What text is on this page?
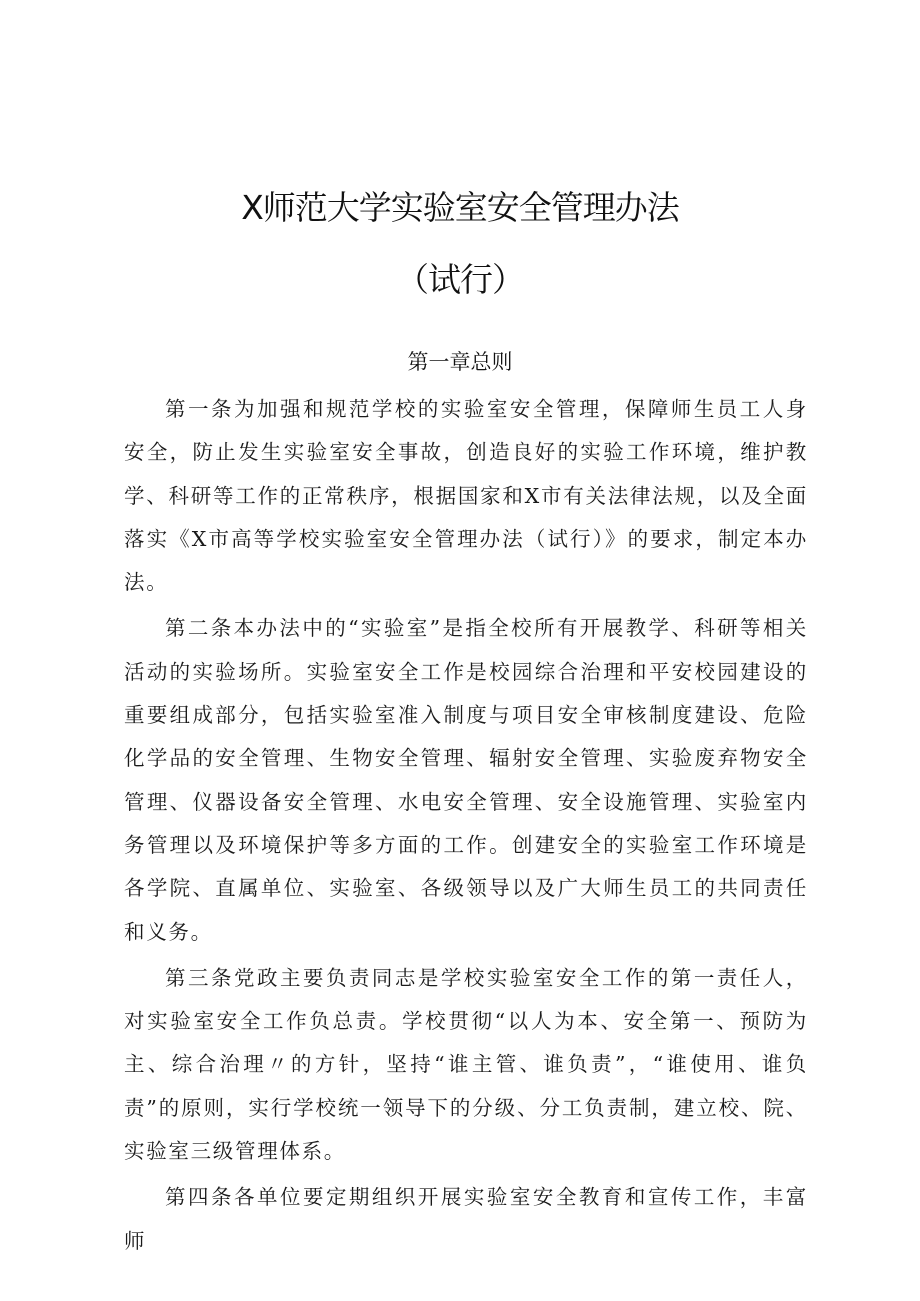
X师范大学实验室安全管理办法
（试行）
第一章总则

第一条为加强和规范学校的实验室安全管理，保障师生员工人身安全，防止发生实验室安全事故，创造良好的实验工作环境，维护教学、科研等工作的正常秩序，根据国家和X市有关法律法规，以及全面落实《X市高等学校实验室安全管理办法（试行）》的要求，制定本办法。

第二条本办法中的“实验室”是指全校所有开展教学、科研等相关活动的实验场所。实验室安全工作是校园综合治理和平安校园建设的重要组成部分，包括实验室准入制度与项目安全审核制度建设、危险化学品的安全管理、生物安全管理、辐射安全管理、实验废弃物安全管理、仪器设备安全管理、水电安全管理、安全设施管理、实验室内务管理以及环境保护等多方面的工作。创建安全的实验室工作环境是各学院、直属单位、实验室、各级领导以及广大师生员工的共同责任和义务。

第三条党政主要负责同志是学校实验室安全工作的第一责任人，对实验室安全工作负总责。学校贯彻“以人为本、安全第一、预防为主、综合治理〃的方针，坚持“谁主管、谁负责”，“谁使用、谁负责”的原则，实行学校统一领导下的分级、分工负责制，建立校、院、实验室三级管理体系。

第四条各单位要定期组织开展实验室安全教育和宣传工作，丰富师
